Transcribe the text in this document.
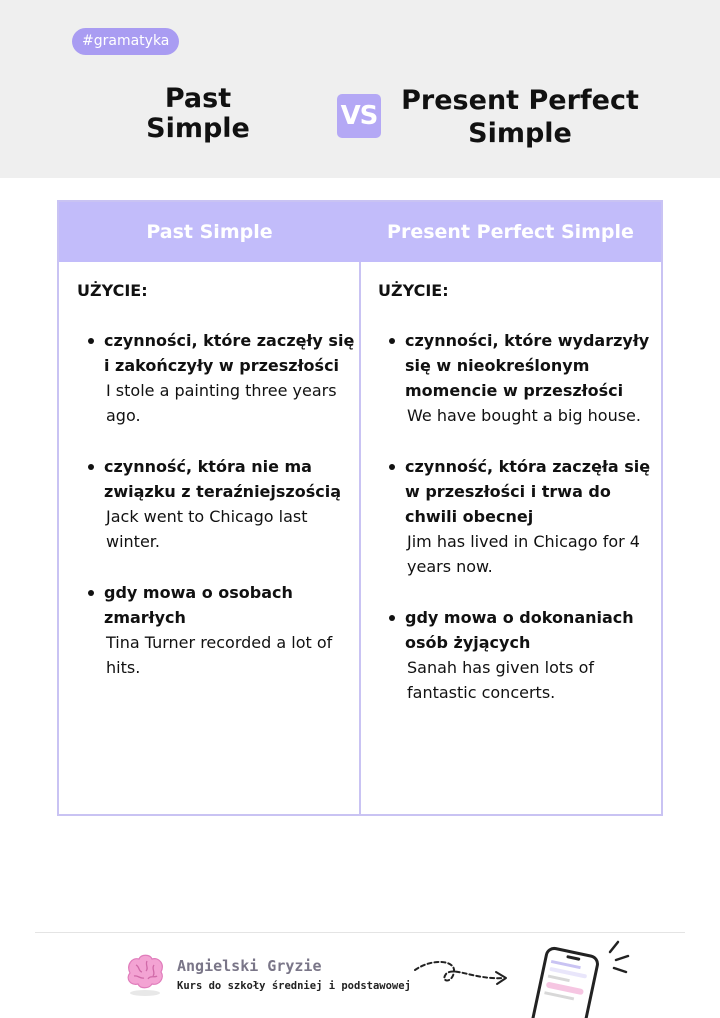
#gramatyka
Past Simple	VS Present Perfect Simple
Past Simple	Present Perfect Simple
UŻYCIE:
czynności, które zaczęły się i zakończyły w przeszłości
I stole a painting three years ago.
czynność, która nie ma związku z teraźniejszością
Jack went to Chicago last winter.
gdy mowa o osobach zmarłych
Tina Turner recorded a lot of hits.
UŻYCIE:
czynności, które wydarzyły się w nieokreślonym momencie w przeszłości
We have bought a big house.
czynność, która zaczęła się w przeszłości i trwa do chwili obecnej
Jim has lived in Chicago for 4 years now.
gdy mowa o dokonaniach osób żyjących
Sanah has given lots of fantastic concerts.
Angielski Gryzie
Kurs do szkoły średniej i podstawowej
